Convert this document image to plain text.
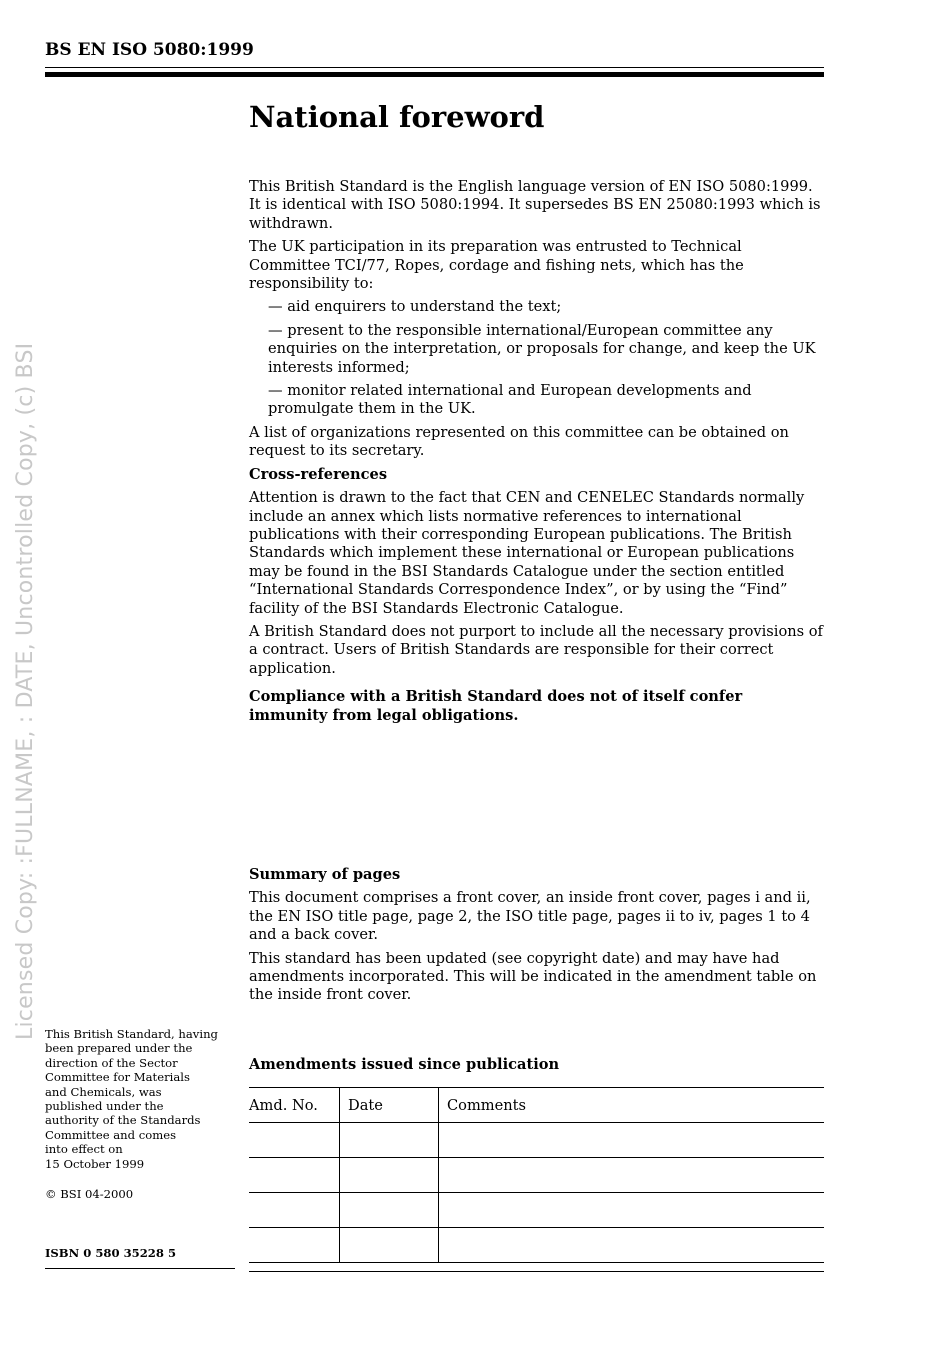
Licensed Copy: :FULLNAME, : DATE, Uncontrolled Copy, (c) BSI
BS EN ISO 5080:1999
National foreword

This British Standard is the English language version of EN ISO 5080:1999. It is identical with ISO 5080:1994. It supersedes BS EN 25080:1993 which is withdrawn.

The UK participation in its preparation was entrusted to Technical Committee TCI/77, Ropes, cordage and fishing nets, which has the responsibility to:

— aid enquirers to understand the text;

— present to the responsible international/European committee any enquiries on the interpretation, or proposals for change, and keep the UK interests informed;

— monitor related international and European developments and promulgate them in the UK.

A list of organizations represented on this committee can be obtained on request to its secretary.

Cross-references

Attention is drawn to the fact that CEN and CENELEC Standards normally include an annex which lists normative references to international publications with their corresponding European publications. The British Standards which implement these international or European publications may be found in the BSI Standards Catalogue under the section entitled “International Standards Correspondence Index”, or by using the “Find” facility of the BSI Standards Electronic Catalogue.

A British Standard does not purport to include all the necessary provisions of a contract. Users of British Standards are responsible for their correct application.

Compliance with a British Standard does not of itself confer immunity from legal obligations.

Summary of pages

This document comprises a front cover, an inside front cover, pages i and ii, the EN ISO title page, page 2, the ISO title page, pages ii to iv, pages 1 to 4 and a back cover.

This standard has been updated (see copyright date) and may have had amendments incorporated. This will be indicated in the amendment table on the inside front cover.

This British Standard, having
been prepared under the
direction of the Sector
Committee for Materials
and Chemicals, was
published under the
authority of the Standards
Committee and comes
into effect on
15 October 1999
© BSI 04-2000
ISBN 0 580 35228 5
Amendments issued since publication
Amd. No.	Date	Comments
